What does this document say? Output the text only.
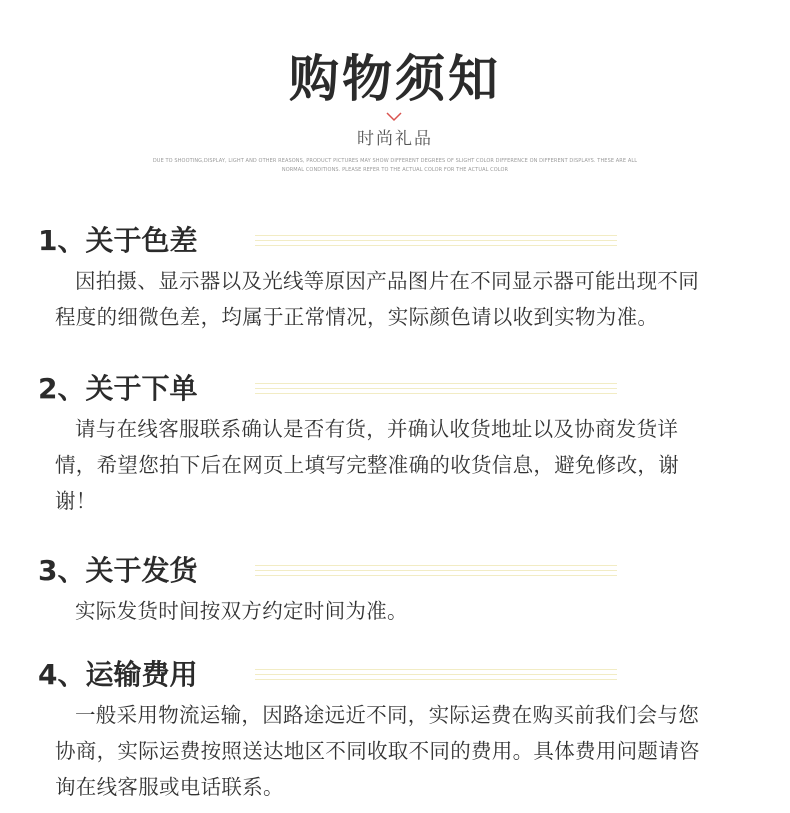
购物须知
时尚礼品
DUE TO SHOOTING,DISPLAY, LIGHT AND OTHER REASONS, PRODUCT PICTURES MAY SHOW DIFFERENT DEGREES OF SLIGHT COLOR DIFFERENCE ON DIFFERENT DISPLAYS. THESE ARE ALL NORMAL CONDITIONS. PLEASE REFER TO THE ACTUAL COLOR FOR THE ACTUAL COLOR
1、关于色差
因拍摄、显示器以及光线等原因产品图片在不同显示器可能出现不同程度的细微色差，均属于正常情况，实际颜色请以收到实物为准。
2、关于下单
请与在线客服联系确认是否有货，并确认收货地址以及协商发货详情，希望您拍下后在网页上填写完整准确的收货信息，避免修改，谢谢！
3、关于发货
实际发货时间按双方约定时间为准。
4、运输费用
一般采用物流运输，因路途远近不同，实际运费在购买前我们会与您协商，实际运费按照送达地区不同收取不同的费用。具体费用问题请咨询在线客服或电话联系。
